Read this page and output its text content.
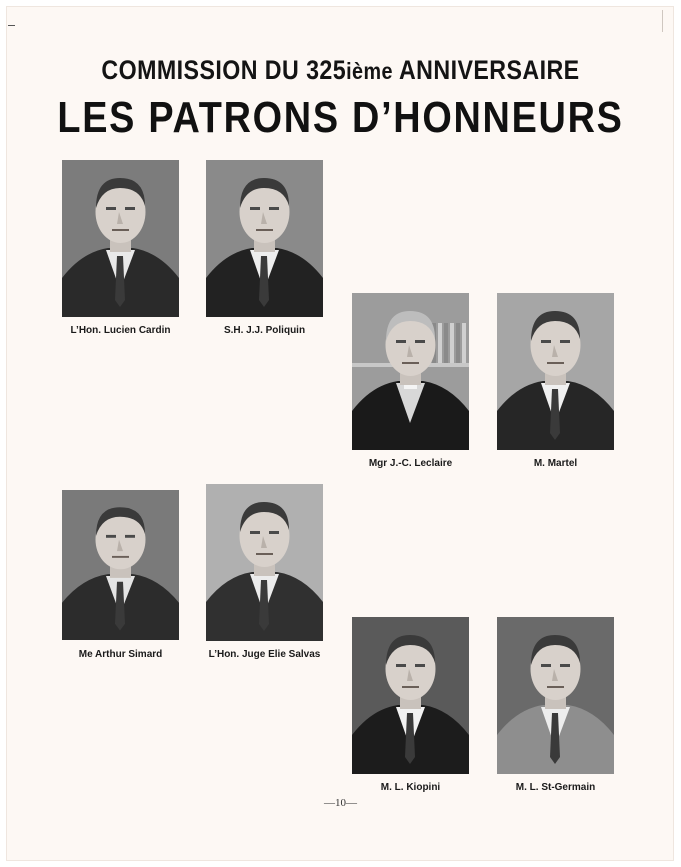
COMMISSION DU 325ième ANNIVERSAIRE
LES PATRONS D’HONNEURS
L’Hon. Lucien Cardin	S.H. J.J. Poliquin
Mgr J.-C. Leclaire	M. Martel
Me Arthur Simard	L’Hon. Juge Elie Salvas
M. L. Kiopini	M. L. St-Germain
—10—
